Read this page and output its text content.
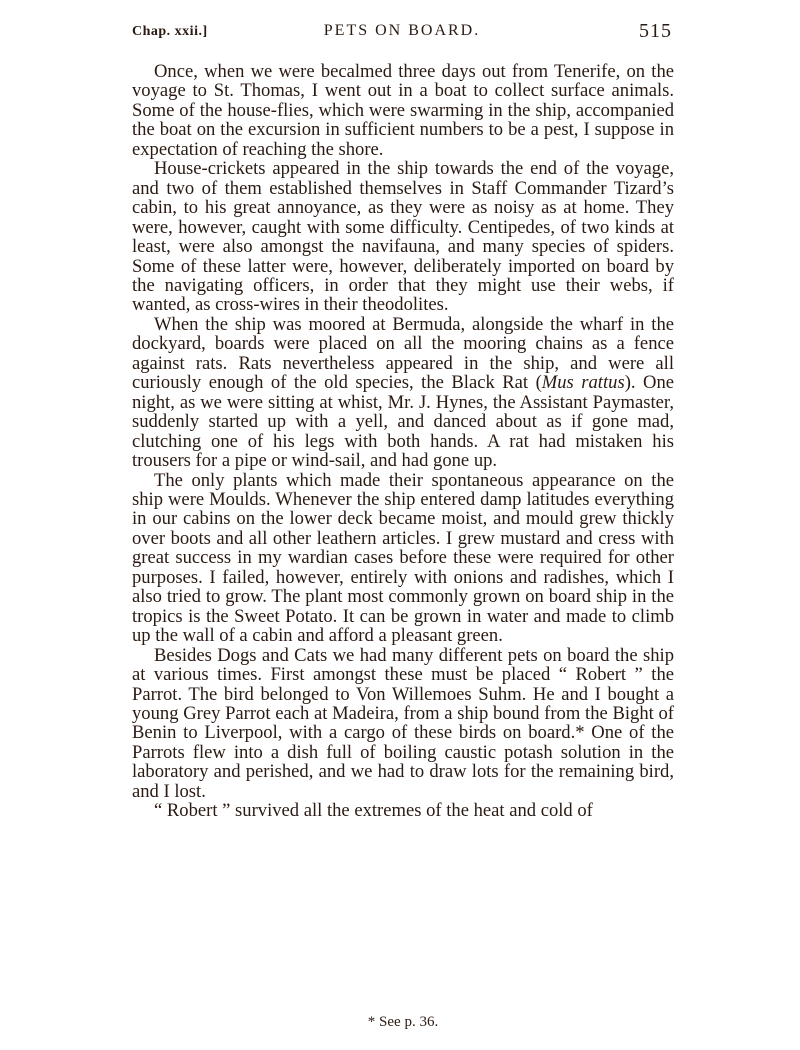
Chap. xxii.]	PETS ON BOARD.	515

Once, when we were becalmed three days out from Tenerife, on the voyage to St. Thomas, I went out in a boat to collect surface animals. Some of the house-flies, which were swarming in the ship, accompanied the boat on the excursion in sufficient numbers to be a pest, I suppose in expectation of reaching the shore.

House-crickets appeared in the ship towards the end of the voyage, and two of them established themselves in Staff Commander Tizard’s cabin, to his great annoyance, as they were as noisy as at home. They were, however, caught with some difficulty. Centipedes, of two kinds at least, were also amongst the navifauna, and many species of spiders. Some of these latter were, however, deliberately imported on board by the navigating officers, in order that they might use their webs, if wanted, as cross-wires in their theodolites.

When the ship was moored at Bermuda, alongside the wharf in the dockyard, boards were placed on all the mooring chains as a fence against rats. Rats nevertheless appeared in the ship, and were all curiously enough of the old species, the Black Rat (Mus rattus). One night, as we were sitting at whist, Mr. J. Hynes, the Assistant Paymaster, suddenly started up with a yell, and danced about as if gone mad, clutching one of his legs with both hands. A rat had mistaken his trousers for a pipe or wind-sail, and had gone up.

The only plants which made their spontaneous appearance on the ship were Moulds. Whenever the ship entered damp latitudes everything in our cabins on the lower deck became moist, and mould grew thickly over boots and all other leathern articles. I grew mustard and cress with great success in my wardian cases before these were required for other purposes. I failed, however, entirely with onions and radishes, which I also tried to grow. The plant most commonly grown on board ship in the tropics is the Sweet Potato. It can be grown in water and made to climb up the wall of a cabin and afford a pleasant green.

Besides Dogs and Cats we had many different pets on board the ship at various times. First amongst these must be placed “ Robert ” the Parrot. The bird belonged to Von Willemoes Suhm. He and I bought a young Grey Parrot each at Madeira, from a ship bound from the Bight of Benin to Liverpool, with a cargo of these birds on board.* One of the Parrots flew into a dish full of boiling caustic potash solution in the laboratory and perished, and we had to draw lots for the remaining bird, and I lost.

“ Robert ” survived all the extremes of the heat and cold of

* See p. 36.
